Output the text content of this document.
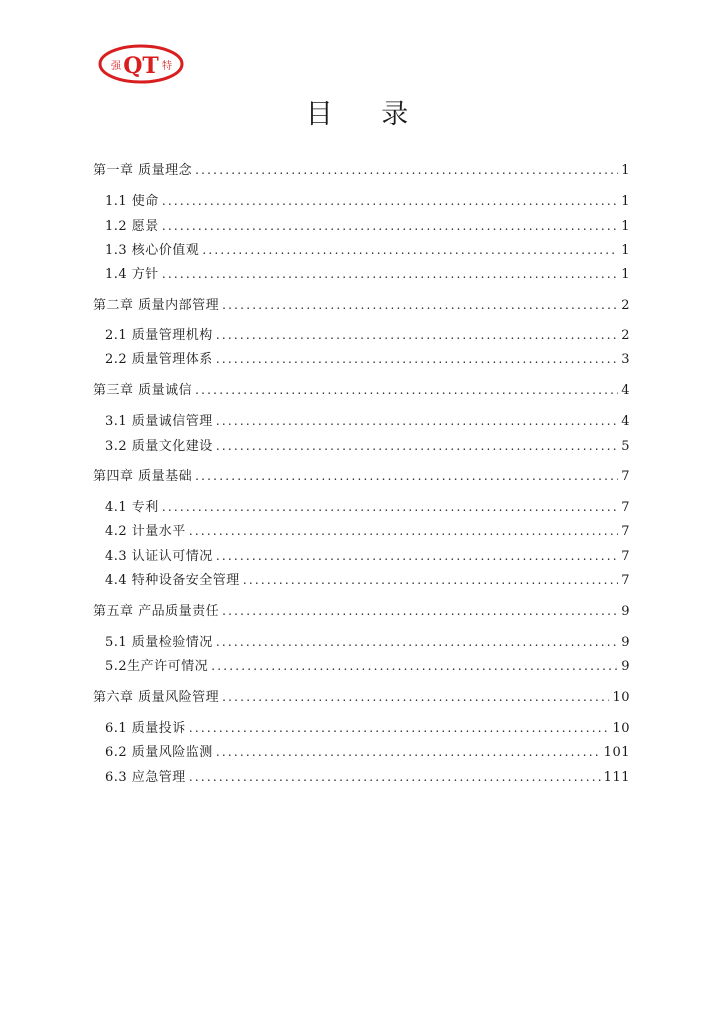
强 QT 特
目 录
第一章 质量理念 .....	1
1.1 使命 .....	1
1.2 愿景 .....	1
1.3 核心价值观 .....	1
1.4 方针 .....	1
第二章 质量内部管理 .....	2
2.1 质量管理机构 .....	2
2.2 质量管理体系 .....	3
第三章 质量诚信 .....	4
3.1 质量诚信管理 .....	4
3.2 质量文化建设 .....	5
第四章 质量基础 .....	7
4.1 专利 .....	7
4.2 计量水平 .....	7
4.3 认证认可情况 .....	7
4.4 特种设备安全管理 .....	7
第五章 产品质量责任 .....	9
5.1 质量检验情况 .....	9
5.2生产许可情况 .....	9
第六章 质量风险管理 .....	10
6.1 质量投诉 .....	10
6.2 质量风险监测 .....	101
6.3 应急管理 .....	111
